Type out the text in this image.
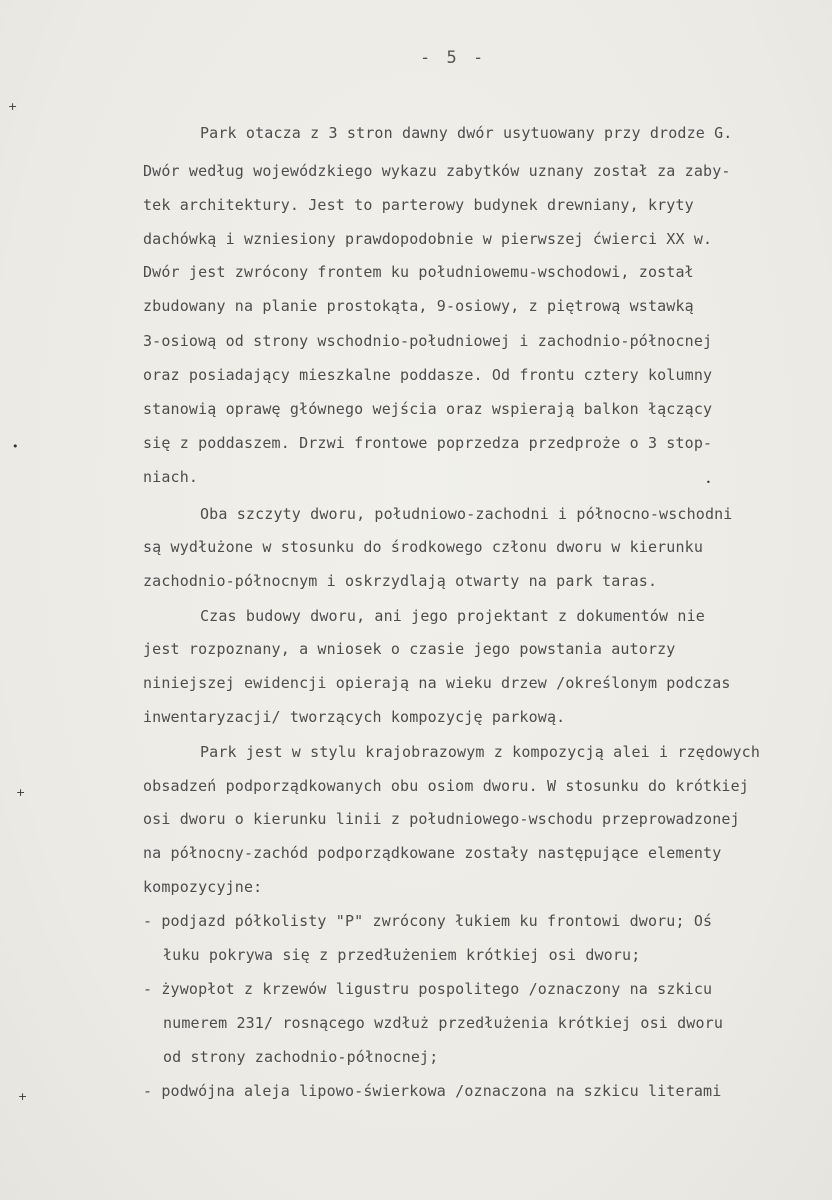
- 5 -
Park otacza z 3 stron dawny dwór usytuowany przy drodze G.
Dwór według wojewódzkiego wykazu zabytków uznany został za zaby-
tek architektury. Jest to parterowy budynek drewniany, kryty
dachówką i wzniesiony prawdopodobnie w pierwszej ćwierci XX w.
Dwór jest zwrócony frontem ku południowemu-wschodowi, został
zbudowany na planie prostokąta, 9-osiowy, z piętrową wstawką
3-osiową od strony wschodnio-południowej i zachodnio-północnej
oraz posiadający mieszkalne poddasze. Od frontu cztery kolumny
stanowią oprawę głównego wejścia oraz wspierają balkon łączący
się z poddaszem. Drzwi frontowe poprzedza przedproże o 3 stop-
niach.
Oba szczyty dworu, południowo-zachodni i północno-wschodni
są wydłużone w stosunku do środkowego członu dworu w kierunku
zachodnio-północnym i oskrzydlają otwarty na park taras.
Czas budowy dworu, ani jego projektant z dokumentów nie
jest rozpoznany, a wniosek o czasie jego powstania autorzy
niniejszej ewidencji opierają na wieku drzew /określonym podczas
inwentaryzacji/ tworzących kompozycję parkową.
Park jest w stylu krajobrazowym z kompozycją alei i rzędowych
obsadzeń podporządkowanych obu osiom dworu. W stosunku do krótkiej
osi dworu o kierunku linii z południowego-wschodu przeprowadzonej
na północny-zachód podporządkowane zostały następujące elementy
kompozycyjne:
- podjazd półkolisty "P" zwrócony łukiem ku frontowi dworu; Oś
łuku pokrywa się z przedłużeniem krótkiej osi dworu;
- żywopłot z krzewów ligustru pospolitego /oznaczony na szkicu
numerem 231/ rosnącego wzdłuż przedłużenia krótkiej osi dworu
od strony zachodnio-północnej;
- podwójna aleja lipowo-świerkowa /oznaczona na szkicu literami
+
•
+
+
•
